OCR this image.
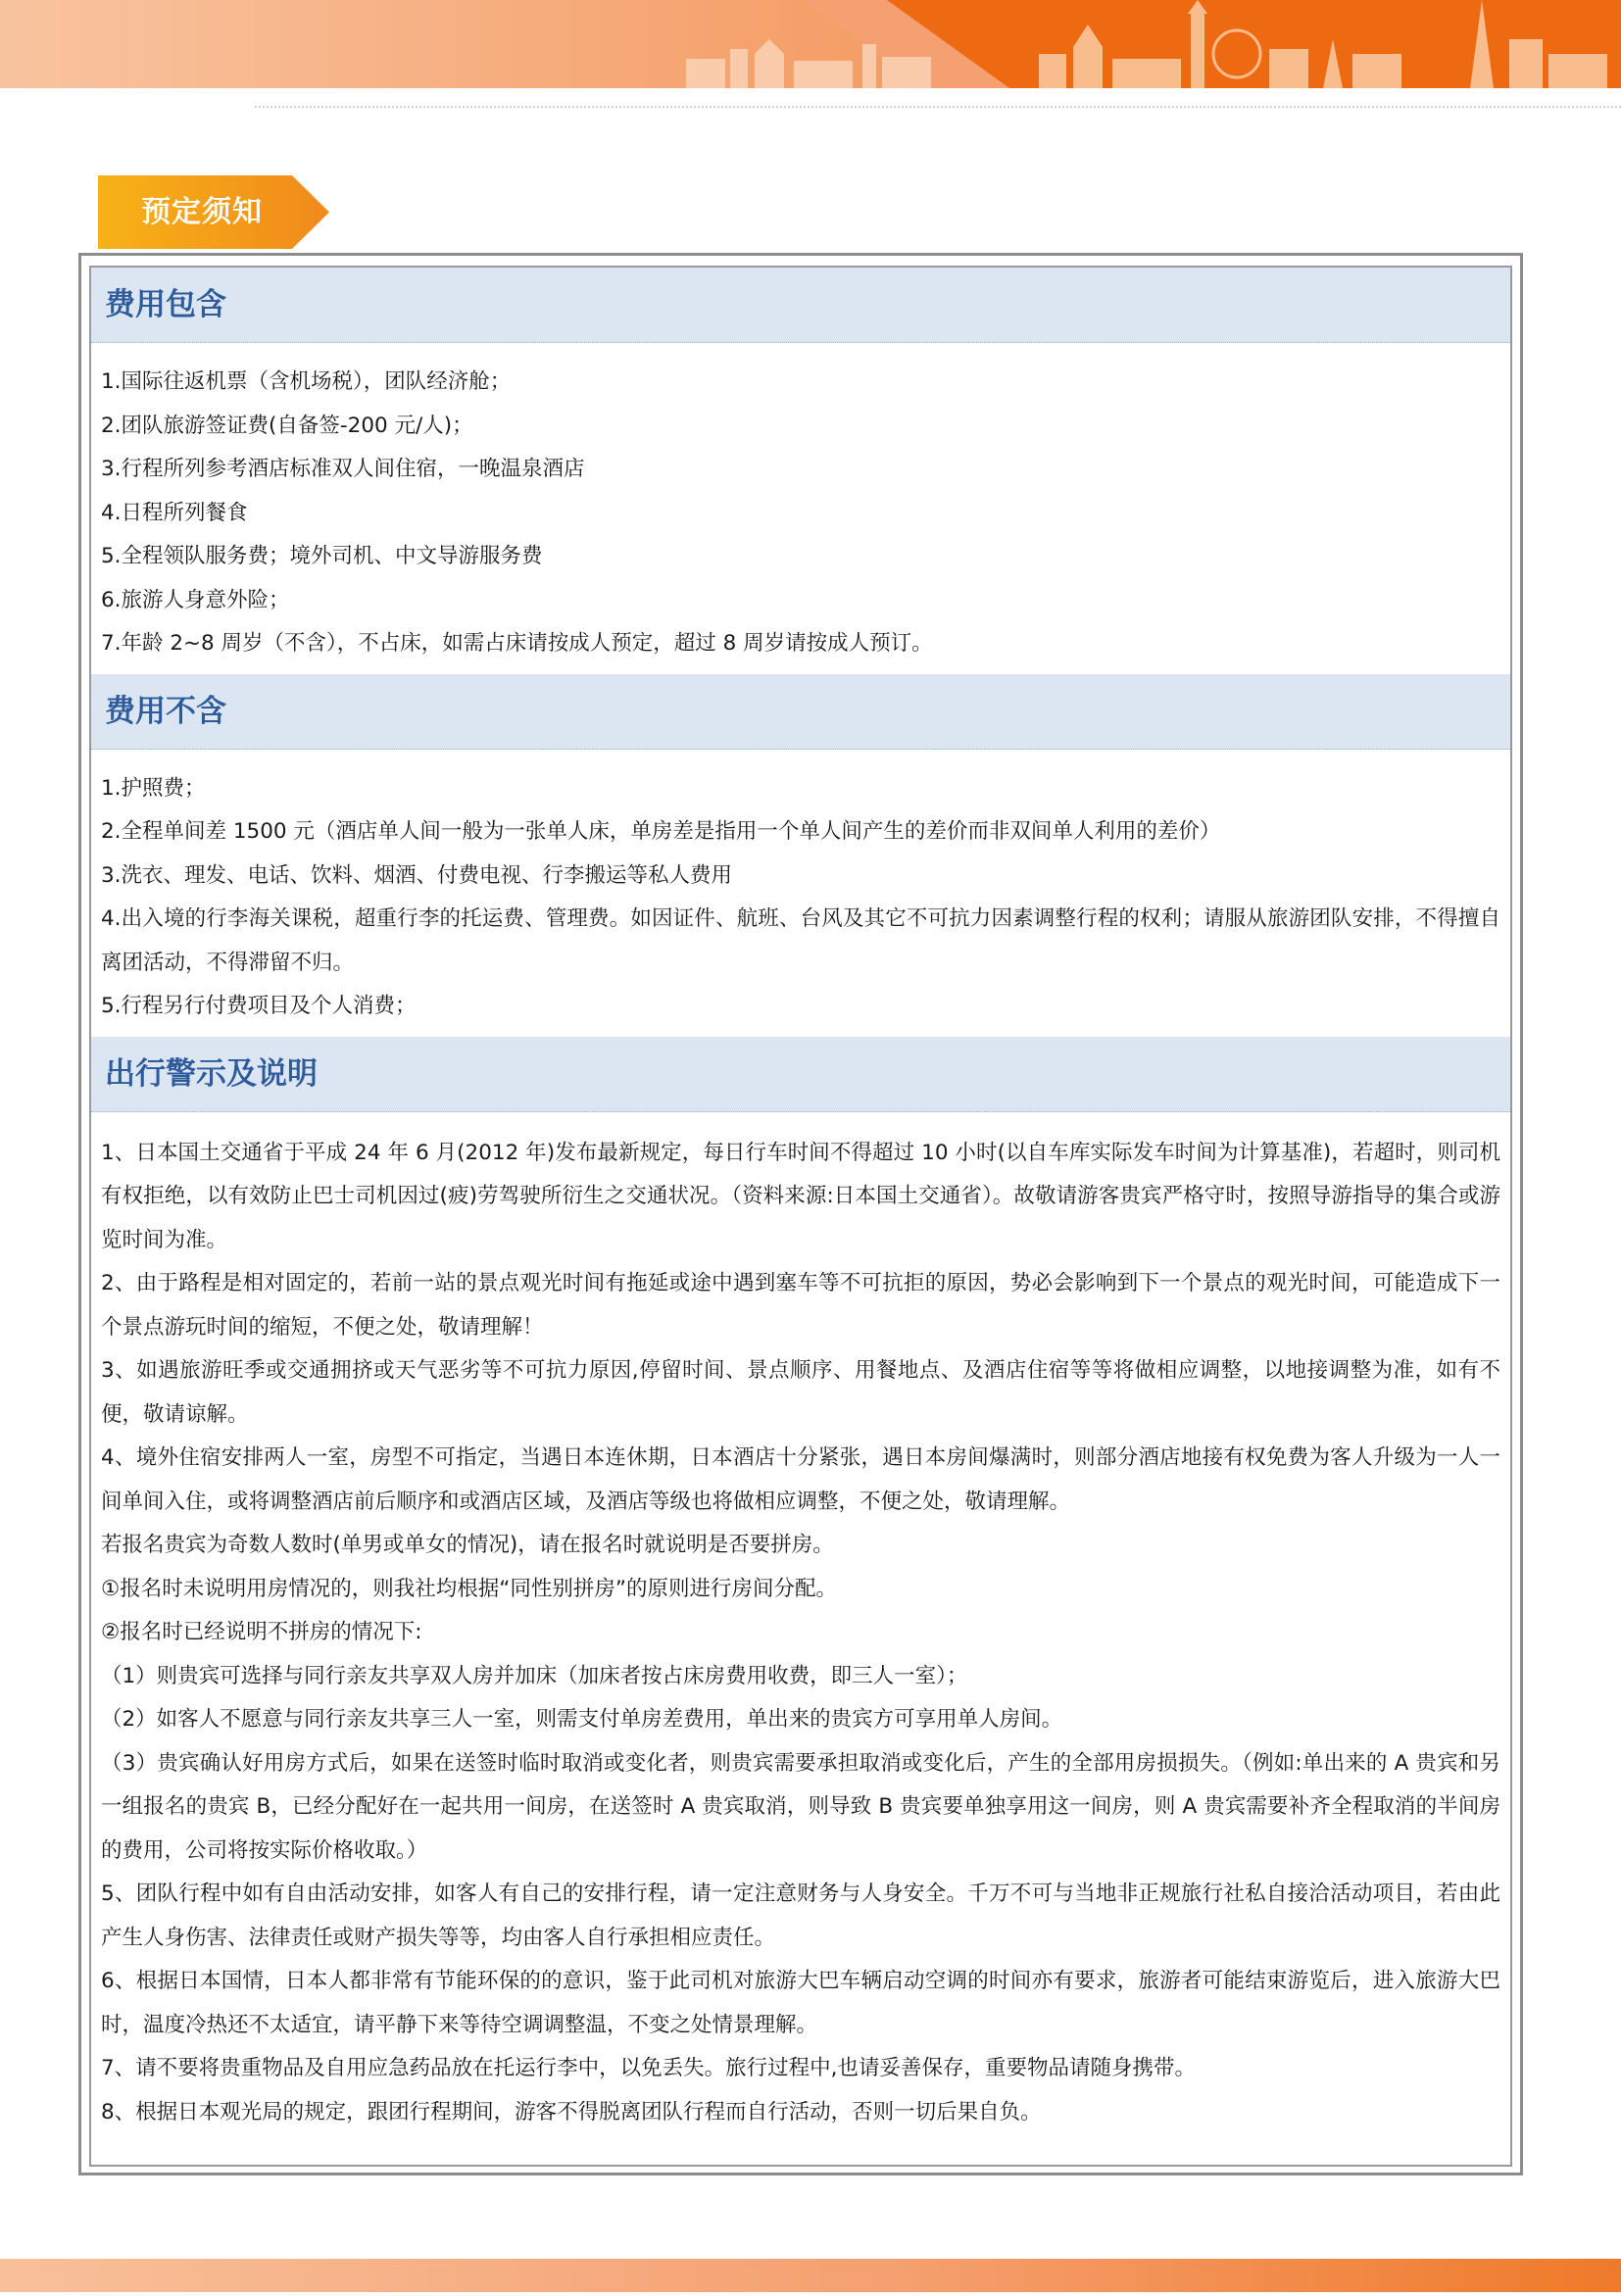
预定须知
费用包含

1.国际往返机票（含机场税），团队经济舱；

2.团队旅游签证费(自备签-200 元/人)；

3.行程所列参考酒店标准双人间住宿，一晚温泉酒店

4.日程所列餐食

5.全程领队服务费；境外司机、中文导游服务费

6.旅游人身意外险；

7.年龄 2~8 周岁（不含），不占床，如需占床请按成人预定，超过 8 周岁请按成人预订。

费用不含

1.护照费；

2.全程单间差 1500 元（酒店单人间一般为一张单人床，单房差是指用一个单人间产生的差价而非双间单人利用的差价）

3.洗衣、理发、电话、饮料、烟酒、付费电视、行李搬运等私人费用

4.出入境的行李海关课税，超重行李的托运费、管理费。如因证件、航班、台风及其它不可抗力因素调整行程的权利；请服从旅游团队安排，不得擅自离团活动，不得滞留不归。

5.行程另行付费项目及个人消费；

出行警示及说明

1、日本国土交通省于平成 24 年 6 月(2012 年)发布最新规定，每日行车时间不得超过 10 小时(以自车库实际发车时间为计算基准)，若超时，则司机有权拒绝，以有效防止巴士司机因过(疲)劳驾驶所衍生之交通状况。（资料来源:日本国土交通省）。故敬请游客贵宾严格守时，按照导游指导的集合或游览时间为准。

2、由于路程是相对固定的，若前一站的景点观光时间有拖延或途中遇到塞车等不可抗拒的原因，势必会影响到下一个景点的观光时间，可能造成下一个景点游玩时间的缩短，不便之处，敬请理解！

3、如遇旅游旺季或交通拥挤或天气恶劣等不可抗力原因,停留时间、景点顺序、用餐地点、及酒店住宿等等将做相应调整，以地接调整为准，如有不便，敬请谅解。

4、境外住宿安排两人一室，房型不可指定，当遇日本连休期，日本酒店十分紧张，遇日本房间爆满时，则部分酒店地接有权免费为客人升级为一人一间单间入住，或将调整酒店前后顺序和或酒店区域，及酒店等级也将做相应调整，不便之处，敬请理解。

若报名贵宾为奇数人数时(单男或单女的情况)，请在报名时就说明是否要拼房。

①报名时未说明用房情况的，则我社均根据“同性别拼房”的原则进行房间分配。

②报名时已经说明不拼房的情况下:

（1）则贵宾可选择与同行亲友共享双人房并加床（加床者按占床房费用收费，即三人一室）；

（2）如客人不愿意与同行亲友共享三人一室，则需支付单房差费用，单出来的贵宾方可享用单人房间。

（3）贵宾确认好用房方式后，如果在送签时临时取消或变化者，则贵宾需要承担取消或变化后，产生的全部用房损损失。（例如:单出来的 A 贵宾和另一组报名的贵宾 B，已经分配好在一起共用一间房，在送签时 A 贵宾取消，则导致 B 贵宾要单独享用这一间房，则 A 贵宾需要补齐全程取消的半间房的费用，公司将按实际价格收取。）

5、团队行程中如有自由活动安排，如客人有自己的安排行程，请一定注意财务与人身安全。千万不可与当地非正规旅行社私自接洽活动项目，若由此产生人身伤害、法律责任或财产损失等等，均由客人自行承担相应责任。

6、根据日本国情，日本人都非常有节能环保的的意识，鉴于此司机对旅游大巴车辆启动空调的时间亦有要求，旅游者可能结束游览后，进入旅游大巴时，温度冷热还不太适宜，请平静下来等待空调调整温，不变之处情景理解。

7、请不要将贵重物品及自用应急药品放在托运行李中，以免丢失。旅行过程中,也请妥善保存，重要物品请随身携带。

8、根据日本观光局的规定，跟团行程期间，游客不得脱离团队行程而自行活动，否则一切后果自负。
